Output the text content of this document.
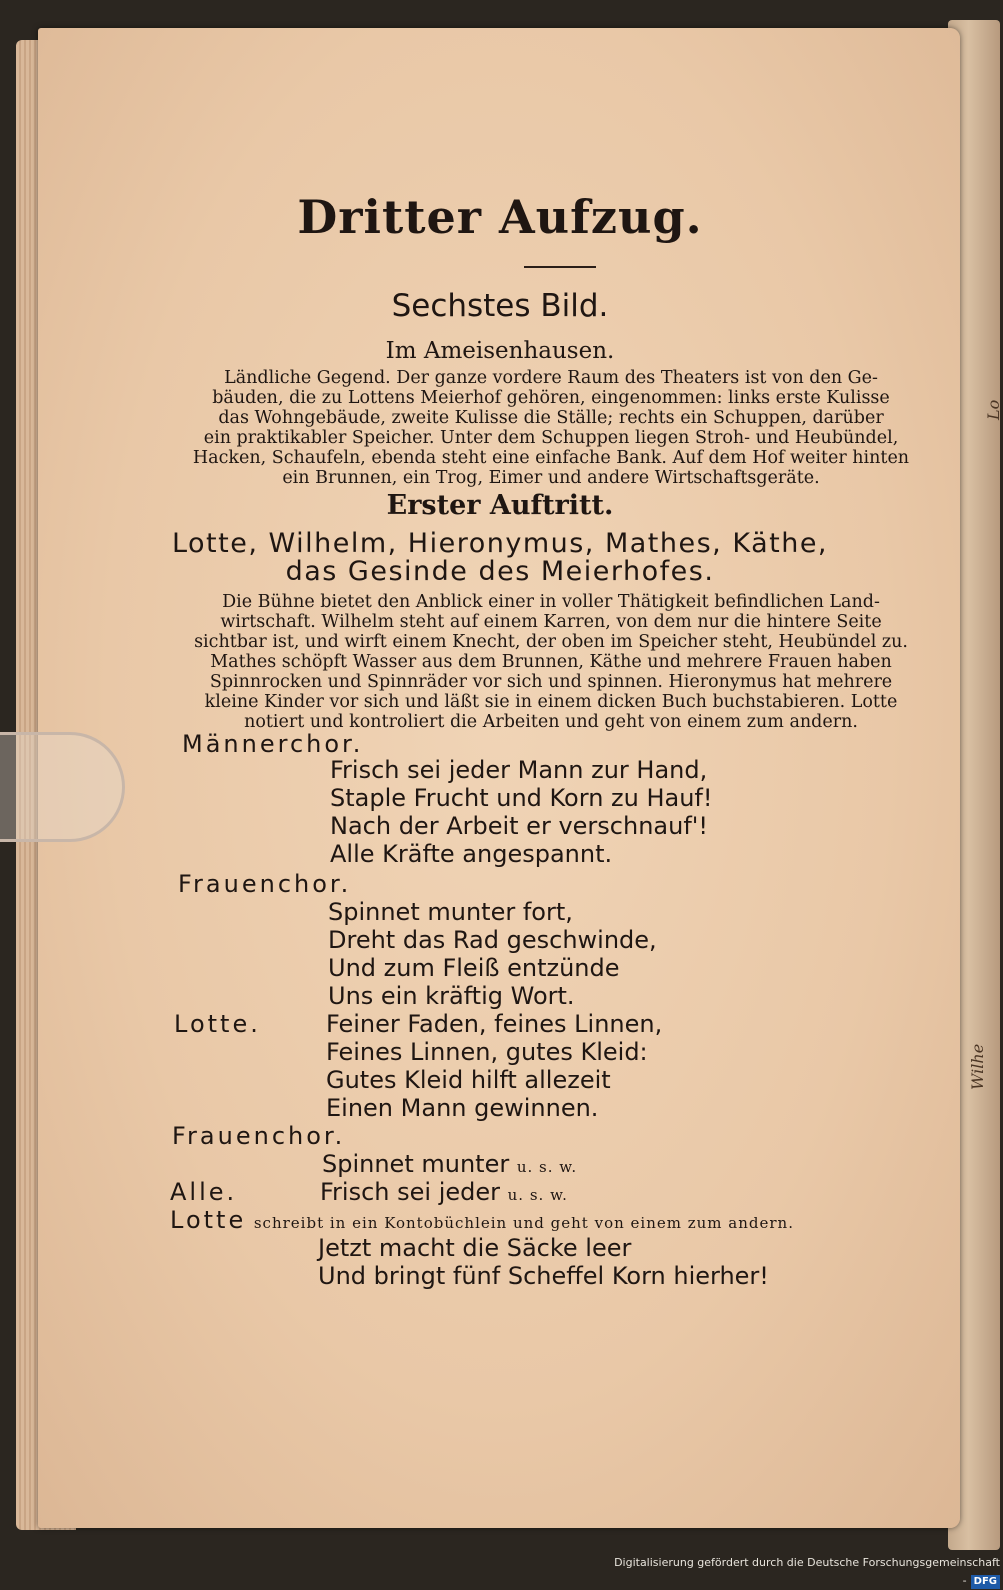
Lo
Wilhe
Dritter Aufzug.
Sechstes Bild.
Im Ameisenhausen.
Ländliche Gegend. Der ganze vordere Raum des Theaters ist von den Ge-
bäuden, die zu Lottens Meierhof gehören, eingenommen: links erste Kulisse
das Wohngebäude, zweite Kulisse die Ställe; rechts ein Schuppen, darüber
ein praktikabler Speicher. Unter dem Schuppen liegen Stroh- und Heubündel,
Hacken, Schaufeln, ebenda steht eine einfache Bank. Auf dem Hof weiter hinten
ein Brunnen, ein Trog, Eimer und andere Wirtschaftsgeräte.
Erster Auftritt.
Lotte, Wilhelm, Hieronymus, Mathes, Käthe,
das Gesinde des Meierhofes.
Die Bühne bietet den Anblick einer in voller Thätigkeit befindlichen Land-
wirtschaft. Wilhelm steht auf einem Karren, von dem nur die hintere Seite
sichtbar ist, und wirft einem Knecht, der oben im Speicher steht, Heubündel zu.
Mathes schöpft Wasser aus dem Brunnen, Käthe und mehrere Frauen haben
Spinnrocken und Spinnräder vor sich und spinnen. Hieronymus hat mehrere
kleine Kinder vor sich und läßt sie in einem dicken Buch buchstabieren. Lotte
notiert und kontroliert die Arbeiten und geht von einem zum andern.
Männerchor.
Frisch sei jeder Mann zur Hand,
Staple Frucht und Korn zu Hauf!
Nach der Arbeit er verschnauf'!
Alle Kräfte angespannt.
Frauenchor.
Spinnet munter fort,
Dreht das Rad geschwinde,
Und zum Fleiß entzünde
Uns ein kräftig Wort.
Lotte.	Feiner Faden, feines Linnen,
Feines Linnen, gutes Kleid:
Gutes Kleid hilft allezeit
Einen Mann gewinnen.
Frauenchor.
Spinnet munter u. s. w.
Alle.	Frisch sei jeder u. s. w.
Lotte schreibt in ein Kontobüchlein und geht von einem zum andern.
Jetzt macht die Säcke leer
Und bringt fünf Scheffel Korn hierher!
Digitalisierung gefördert durch die Deutsche Forschungsgemeinschaft - DFG
